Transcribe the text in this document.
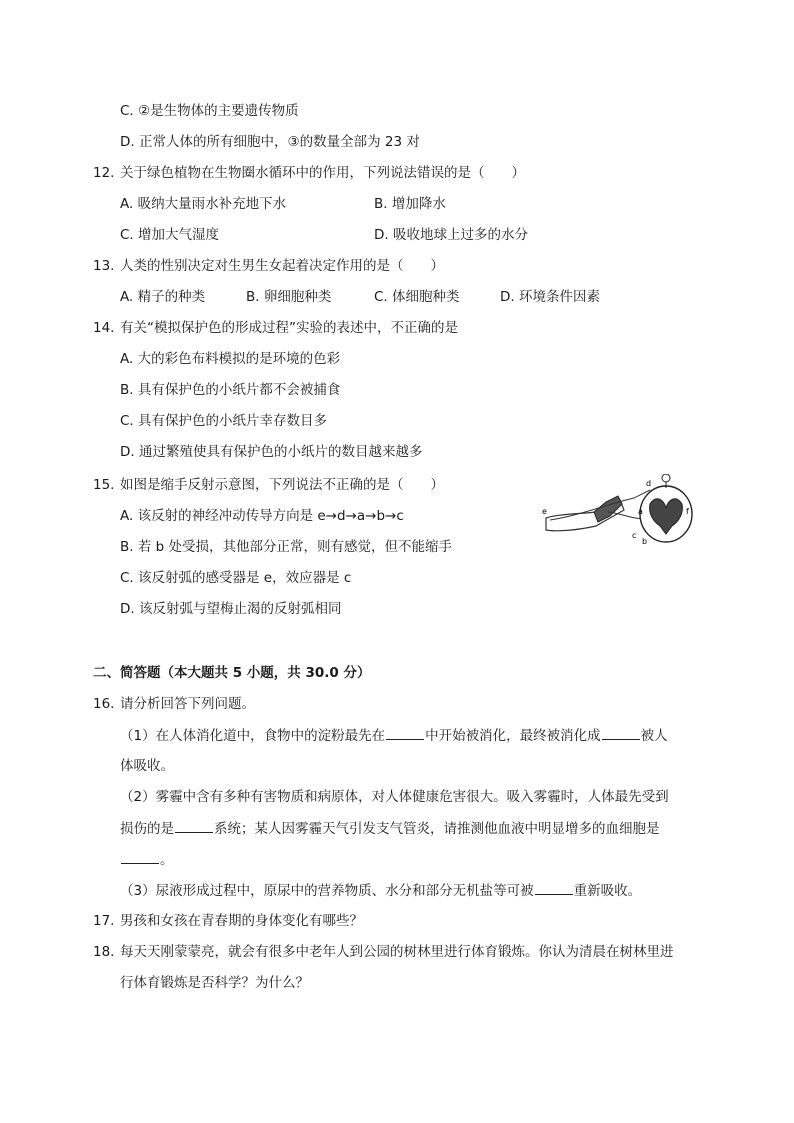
C. ②是生物体的主要遗传物质
D. 正常人体的所有细胞中，③的数量全部为 23 对
12. 关于绿色植物在生物圈水循环中的作用，下列说法错误的是（　　）
A. 吸纳大量雨水补充地下水	B. 增加降水
C. 增加大气湿度	D. 吸收地球上过多的水分
13. 人类的性别决定对生男生女起着决定作用的是（　　）
A. 精子的种类	B. 卵细胞种类	C. 体细胞种类	D. 环境条件因素
14. 有关“模拟保护色的形成过程”实验的表述中，不正确的是
A. 大的彩色布料模拟的是环境的色彩
B. 具有保护色的小纸片都不会被捕食
C. 具有保护色的小纸片幸存数目多
D. 通过繁殖使具有保护色的小纸片的数目越来越多
15. 如图是缩手反射示意图，下列说法不正确的是（　　）
A. 该反射的神经冲动传导方向是 e→d→a→b→c
B. 若 b 处受损，其他部分正常，则有感觉，但不能缩手
C. 该反射弧的感受器是 e，效应器是 c
D. 该反射弧与望梅止渴的反射弧相同
e
c
b
a
d
f
二、简答题（本大题共 5 小题，共 30.0 分）
16. 请分析回答下列问题。
（1）在人体消化道中，食物中的淀粉最先在	中开始被消化，最终被消化成	被人
体吸收。
（2）雾霾中含有多种有害物质和病原体，对人体健康危害很大。吸入雾霾时，人体最先受到
损伤的是	系统；某人因雾霾天气引发支气管炎，请推测他血液中明显增多的血细胞是
。
（3）尿液形成过程中，原尿中的营养物质、水分和部分无机盐等可被	重新吸收。
17. 男孩和女孩在青春期的身体变化有哪些？
18. 每天天刚蒙蒙亮，就会有很多中老年人到公园的树林里进行体育锻炼。你认为清晨在树林里进
行体育锻炼是否科学？为什么？
